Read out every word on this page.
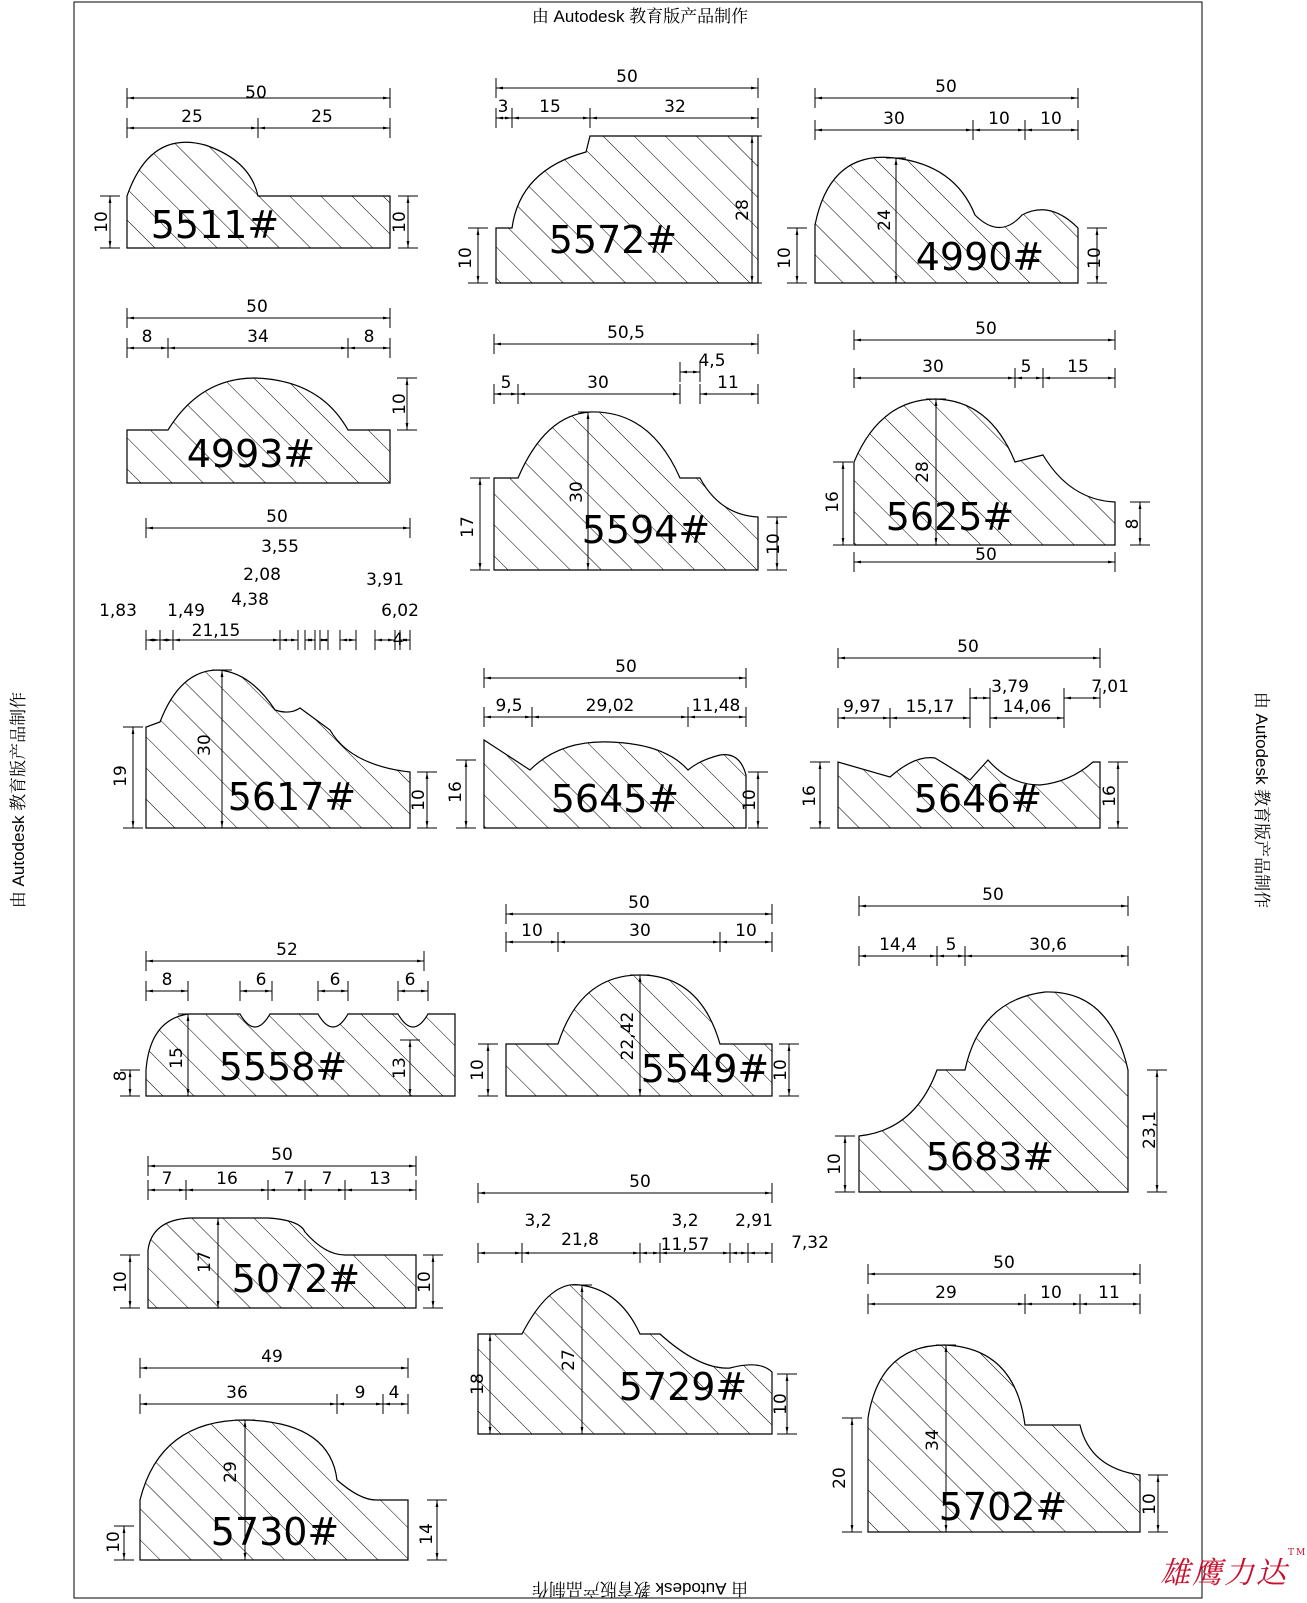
由 Autodesk 教育版产品制作
由 Autodesk 教育版产品制作
由 Autodesk 教育版产品制作	由 Autodesk 教育版产品制作
5511#
50
25	25
10	10	5572#
50
3 15	32
28
10	4990#
50
30	10 10
24
10	10
4993#
50
8	34	8
10
5594#
50,5
5	30
4,5
11
30
17
10
5625#
50
30	5 15
28
16
8
50
5617#
50
3,55
2,08
4,38
3,91
1,83 1,49
21,15
6,02
4
30
19
10	5645#
50
9,5	29,02	11,48
16	10	5646#
50
9,97 15,17
3,79
14,06
7,01
16	16
5558#
52
8	6	6	6
15	13
8	5549#
50
10	30	10
22,42
10	10
5683#
50
14,4 5	30,6
23,1
10
5072#
50
7	16	7 7 13
17
10	10
5729#
50
3,2
21,8
3,2
11,57
2,91
7,32
27
18
10
5730#
49
36	9 4
29
10	14
5702#
50
29	10 11
34
20
10
雄鹰力达™
